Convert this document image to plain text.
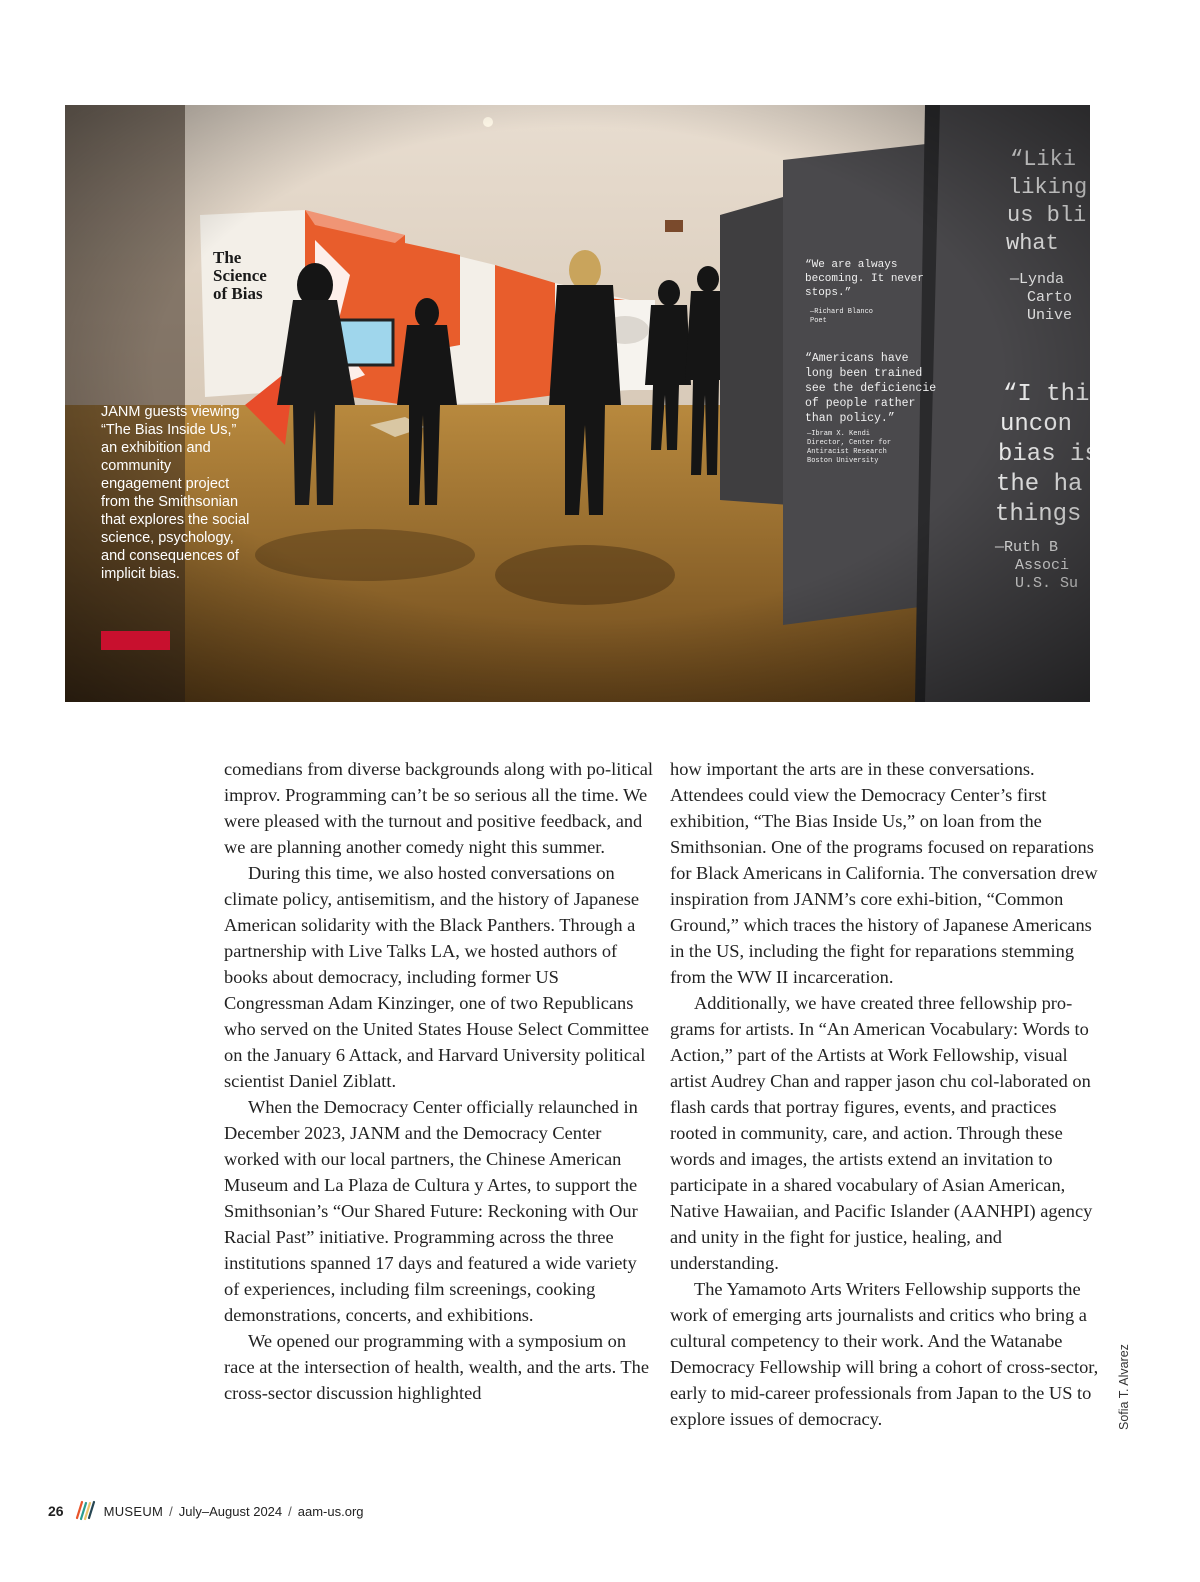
JANM guests viewing “The Bias Inside Us,” an exhibition and community engagement project from the Smithsonian that explores the social science, psychology, and consequences of implicit bias.

comedians from diverse backgrounds along with po-litical improv. Programming can’t be so serious all the time. We were pleased with the turnout and positive feedback, and we are planning another comedy night this summer.

During this time, we also hosted conversations on climate policy, antisemitism, and the history of Japanese American solidarity with the Black Panthers. Through a partnership with Live Talks LA, we hosted authors of books about democracy, including former US Congressman Adam Kinzinger, one of two Republicans who served on the United States House Select Committee on the January 6 Attack, and Harvard University political scientist Daniel Ziblatt.

When the Democracy Center officially relaunched in December 2023, JANM and the Democracy Center worked with our local partners, the Chinese American Museum and La Plaza de Cultura y Artes, to support the Smithsonian’s “Our Shared Future: Reckoning with Our Racial Past” initiative. Programming across the three institutions spanned 17 days and featured a wide variety of experiences, including film screenings, cooking demonstrations, concerts, and exhibitions.

We opened our programming with a symposium on race at the intersection of health, wealth, and the arts. The cross-sector discussion highlighted

how important the arts are in these conversations. Attendees could view the Democracy Center’s first exhibition, “The Bias Inside Us,” on loan from the Smithsonian. One of the programs focused on reparations for Black Americans in California. The conversation drew inspiration from JANM’s core exhi-bition, “Common Ground,” which traces the history of Japanese Americans in the US, including the fight for reparations stemming from the WW II incarceration.

Additionally, we have created three fellowship pro-grams for artists. In “An American Vocabulary: Words to Action,” part of the Artists at Work Fellowship, visual artist Audrey Chan and rapper jason chu col-laborated on flash cards that portray figures, events, and practices rooted in community, care, and action. Through these words and images, the artists extend an invitation to participate in a shared vocabulary of Asian American, Native Hawaiian, and Pacific Islander (AANHPI) agency and unity in the fight for justice, healing, and understanding.

The Yamamoto Arts Writers Fellowship supports the work of emerging arts journalists and critics who bring a cultural competency to their work. And the Watanabe Democracy Fellowship will bring a cohort of cross-sector, early to mid-career professionals from Japan to the US to explore issues of democracy.	Sofia T. Alvarez
26	MUSEUM / July–August 2024 / aam-us.org
